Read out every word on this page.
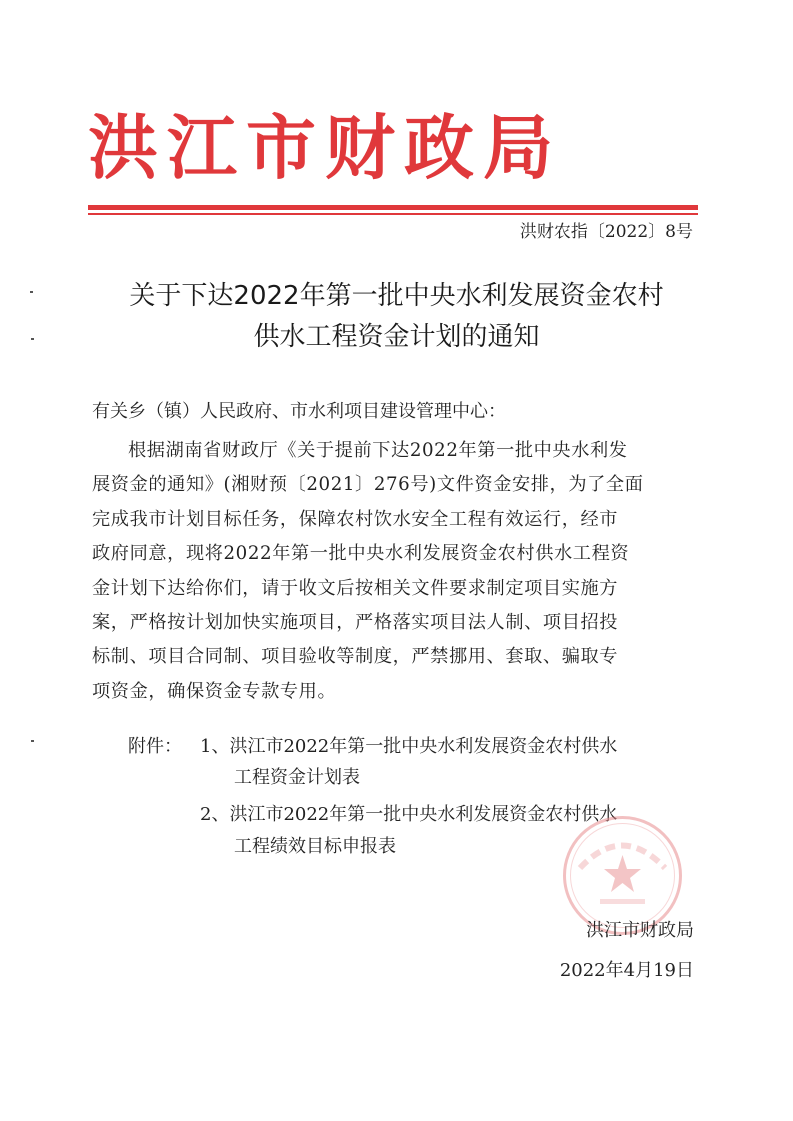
洪江市财政局
洪财农指〔2022〕8号
关于下达2022年第一批中央水利发展资金农村
供水工程资金计划的通知
有关乡（镇）人民政府、市水利项目建设管理中心：
根据湖南省财政厅《关于提前下达2022年第一批中央水利发
展资金的通知》(湘财预〔2021〕276号)文件资金安排，为了全面
完成我市计划目标任务，保障农村饮水安全工程有效运行，经市
政府同意，现将2022年第一批中央水利发展资金农村供水工程资
金计划下达给你们，请于收文后按相关文件要求制定项目实施方
案，严格按计划加快实施项目，严格落实项目法人制、项目招投
标制、项目合同制、项目验收等制度，严禁挪用、套取、骗取专
项资金，确保资金专款专用。
附件： 1、洪江市2022年第一批中央水利发展资金农村供水
工程资金计划表
2、洪江市2022年第一批中央水利发展资金农村供水
工程绩效目标申报表
洪江市财政局
2022年4月19日
